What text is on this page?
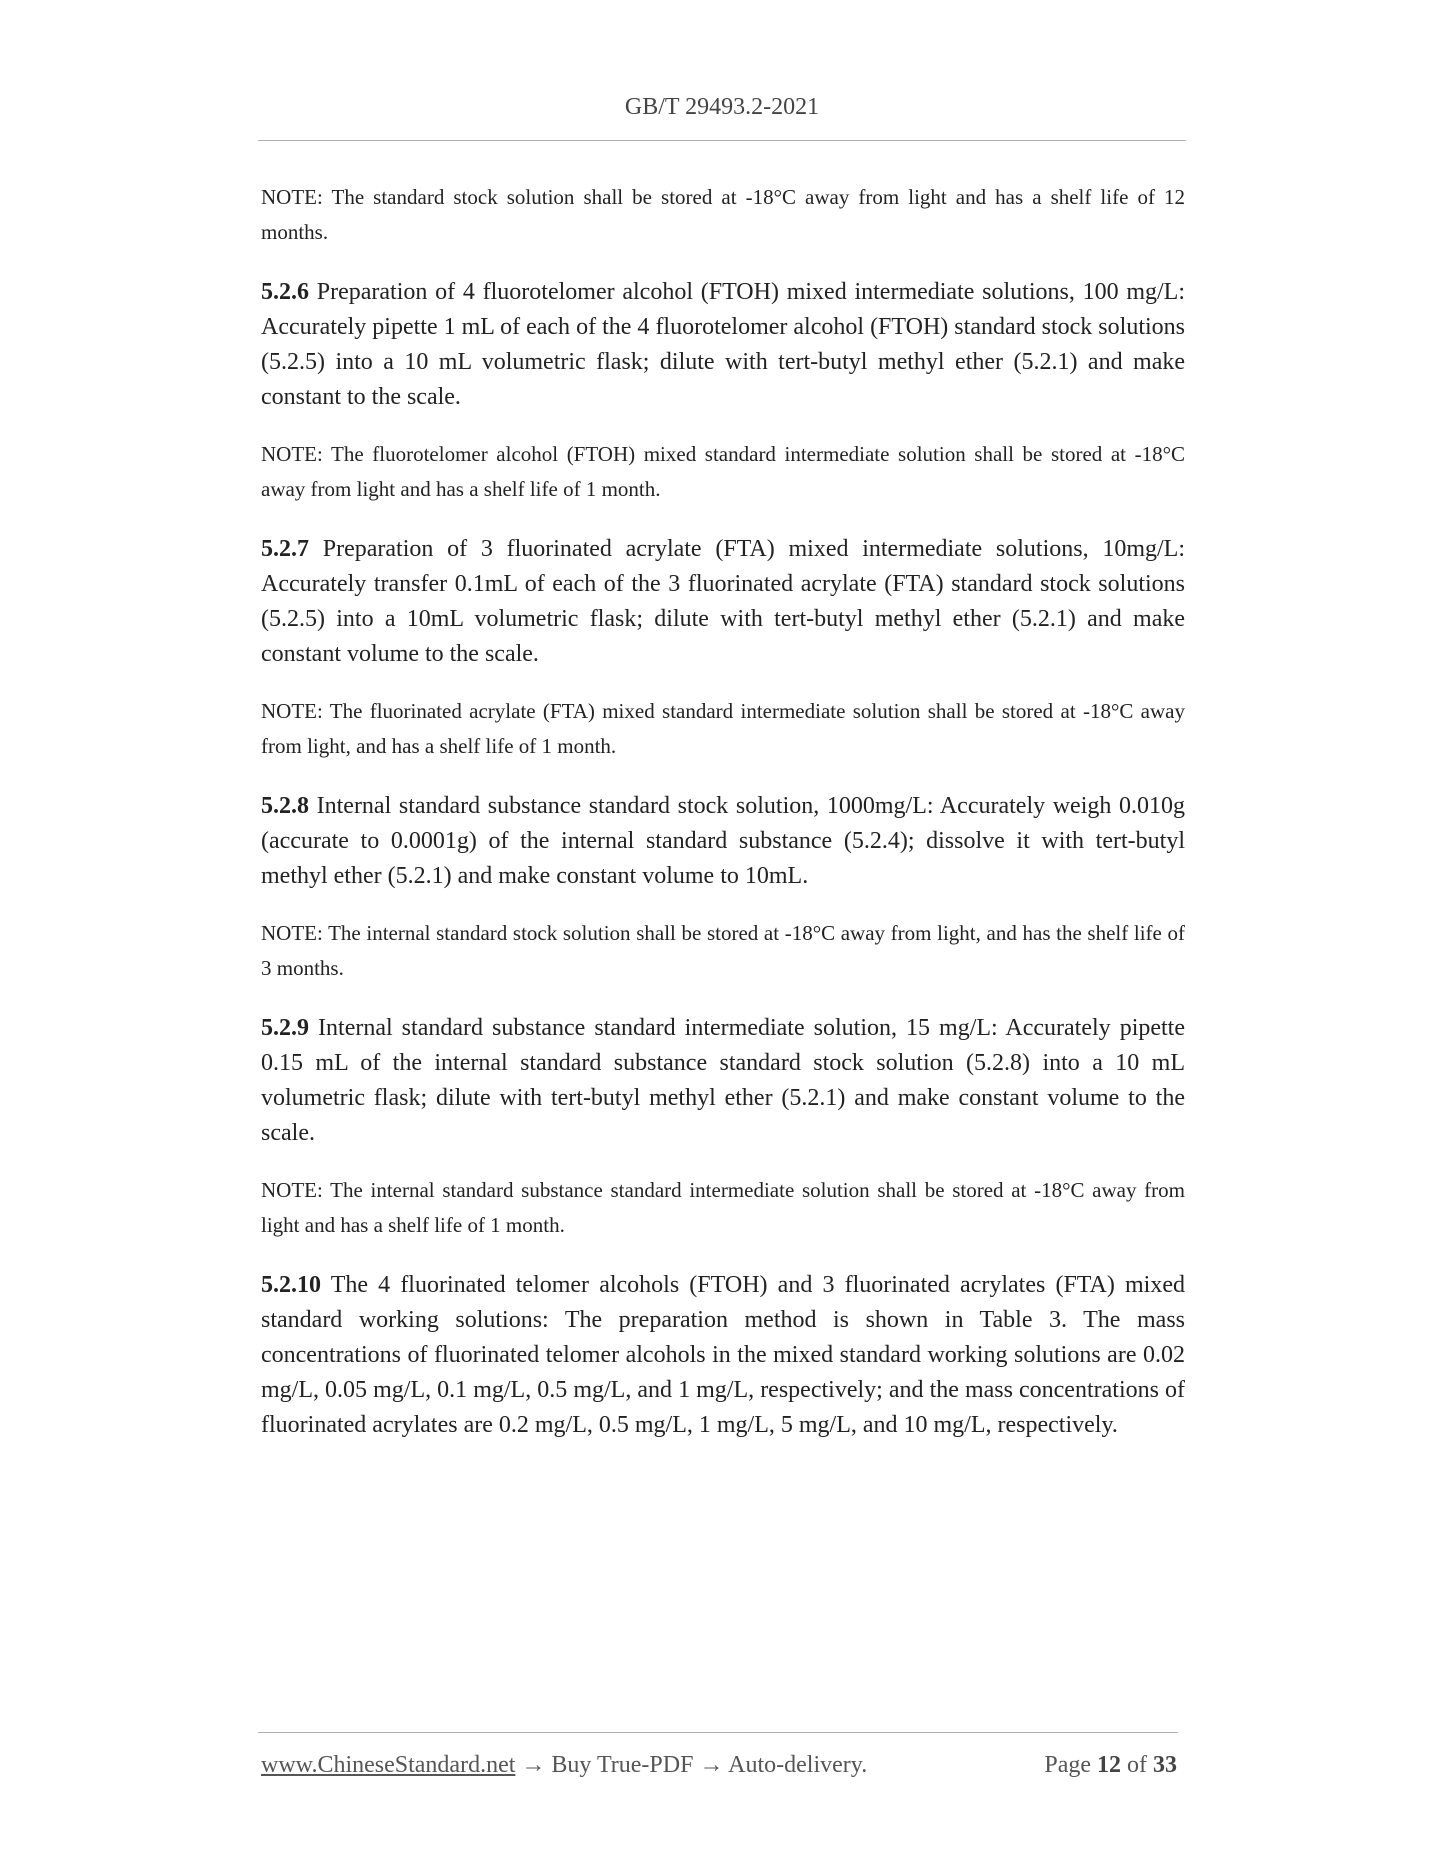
GB/T 29493.2-2021

NOTE: The standard stock solution shall be stored at -18°C away from light and has a shelf life of 12 months.

5.2.6 Preparation of 4 fluorotelomer alcohol (FTOH) mixed intermediate solutions, 100 mg/L: Accurately pipette 1 mL of each of the 4 fluorotelomer alcohol (FTOH) standard stock solutions (5.2.5) into a 10 mL volumetric flask; dilute with tert-butyl methyl ether (5.2.1) and make constant to the scale.

NOTE: The fluorotelomer alcohol (FTOH) mixed standard intermediate solution shall be stored at -18°C away from light and has a shelf life of 1 month.

5.2.7 Preparation of 3 fluorinated acrylate (FTA) mixed intermediate solutions, 10mg/L: Accurately transfer 0.1mL of each of the 3 fluorinated acrylate (FTA) standard stock solutions (5.2.5) into a 10mL volumetric flask; dilute with tert-butyl methyl ether (5.2.1) and make constant volume to the scale.

NOTE: The fluorinated acrylate (FTA) mixed standard intermediate solution shall be stored at -18°C away from light, and has a shelf life of 1 month.

5.2.8 Internal standard substance standard stock solution, 1000mg/L: Accurately weigh 0.010g (accurate to 0.0001g) of the internal standard substance (5.2.4); dissolve it with tert-butyl methyl ether (5.2.1) and make constant volume to 10mL.

NOTE: The internal standard stock solution shall be stored at -18°C away from light, and has the shelf life of 3 months.

5.2.9 Internal standard substance standard intermediate solution, 15 mg/L: Accurately pipette 0.15 mL of the internal standard substance standard stock solution (5.2.8) into a 10 mL volumetric flask; dilute with tert-butyl methyl ether (5.2.1) and make constant volume to the scale.

NOTE: The internal standard substance standard intermediate solution shall be stored at -18°C away from light and has a shelf life of 1 month.

5.2.10 The 4 fluorinated telomer alcohols (FTOH) and 3 fluorinated acrylates (FTA) mixed standard working solutions: The preparation method is shown in Table 3. The mass concentrations of fluorinated telomer alcohols in the mixed standard working solutions are 0.02 mg/L, 0.05 mg/L, 0.1 mg/L, 0.5 mg/L, and 1 mg/L, respectively; and the mass concentrations of fluorinated acrylates are 0.2 mg/L, 0.5 mg/L, 1 mg/L, 5 mg/L, and 10 mg/L, respectively.

www.ChineseStandard.net → Buy True-PDF → Auto-delivery.	Page 12 of 33
